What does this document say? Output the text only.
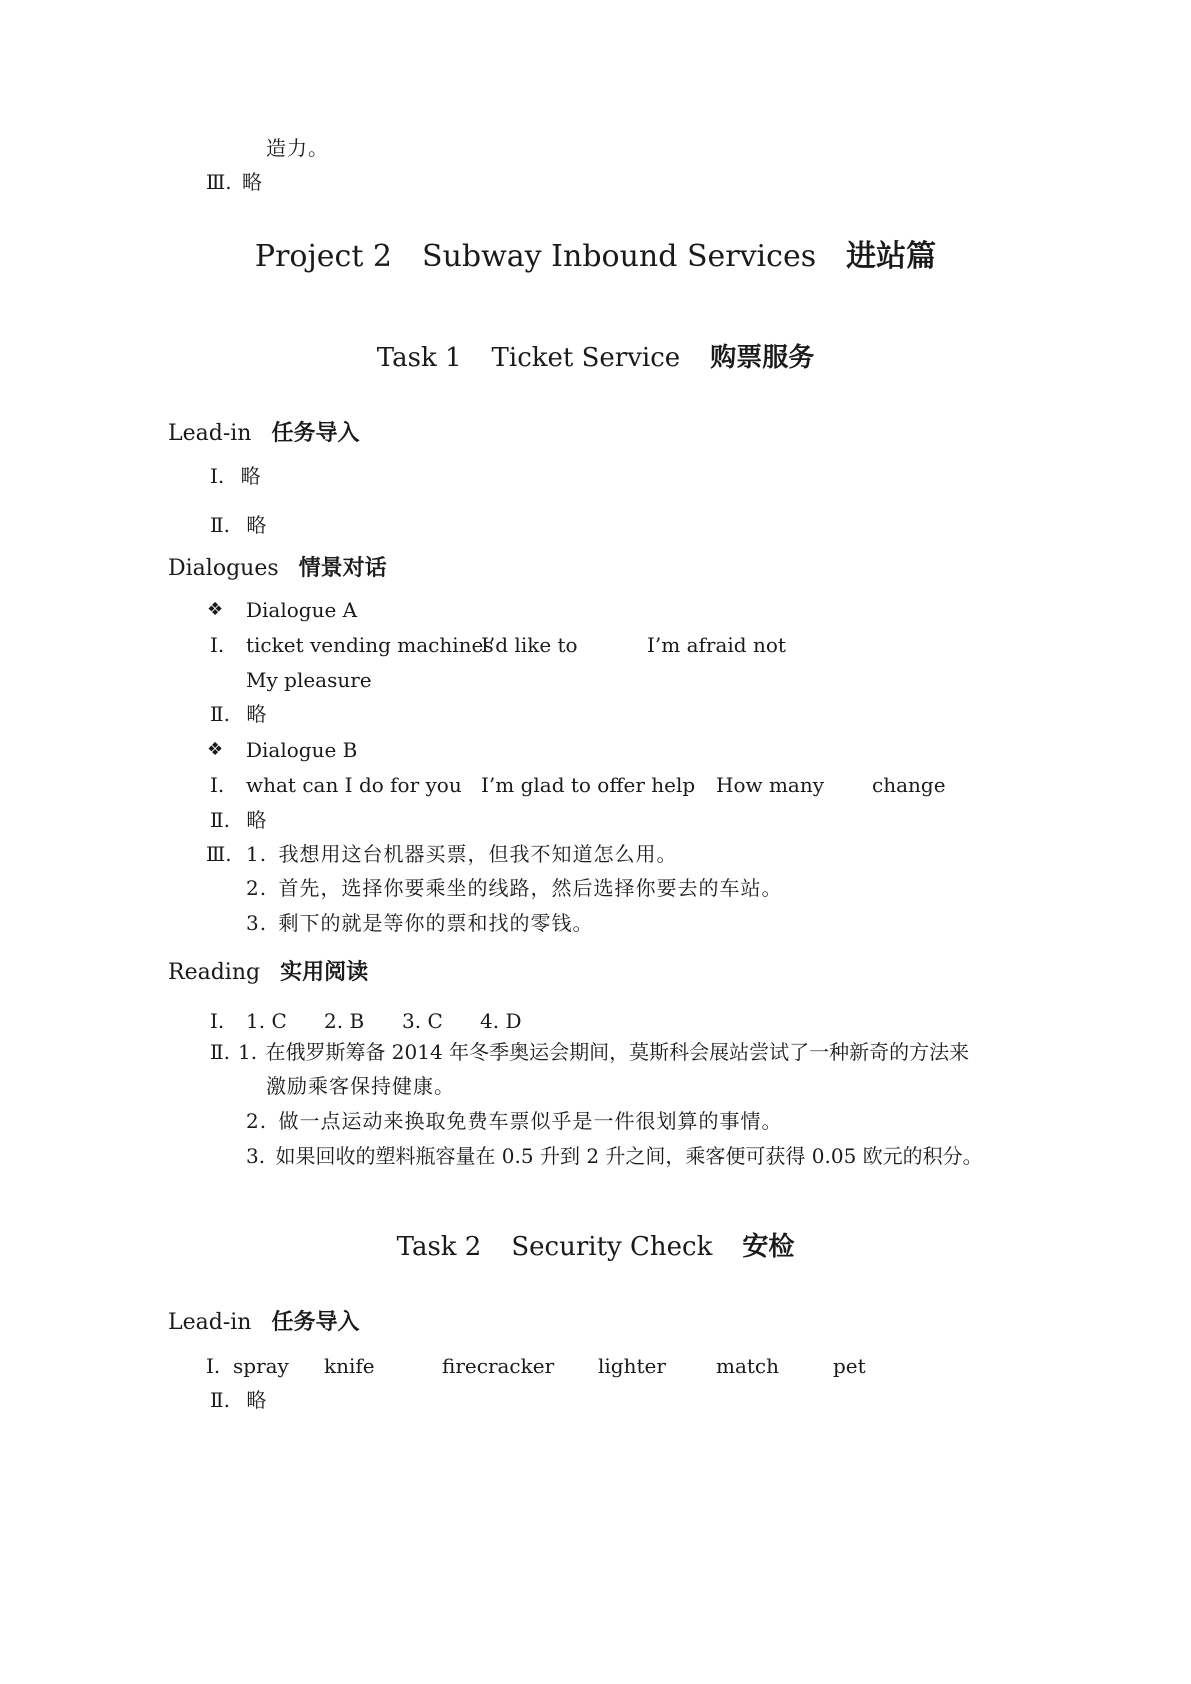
造力。
Ⅲ. 略
Project 2 Subway Inbound Services 进站篇
Task 1 Ticket Service 购票服务
Lead-in 任务导入
Ⅰ. 略
Ⅱ. 略
Dialogues 情景对话
❖ Dialogue A
Ⅰ. ticket vending machines
I’d like to	I’m afraid not
My pleasure
Ⅱ. 略
❖ Dialogue B
Ⅰ. what can I do for you I’m glad to offer help How many change
Ⅱ. 略
Ⅲ. 1. 我想用这台机器买票，但我不知道怎么用。
2. 首先，选择你要乘坐的线路，然后选择你要去的车站。
3. 剩下的就是等你的票和找的零钱。
Reading 实用阅读
Ⅰ. 1. C 2. B 3. C 4. D
Ⅱ. 1. 在俄罗斯筹备 2014 年冬季奥运会期间，莫斯科会展站尝试了一种新奇的方法来
激励乘客保持健康。
2. 做一点运动来换取免费车票似乎是一件很划算的事情。
3. 如果回收的塑料瓶容量在 0.5 升到 2 升之间，乘客便可获得 0.05 欧元的积分。
Task 2 Security Check 安检
Lead-in 任务导入
I. spray knife	firecracker lighter	match	pet
Ⅱ. 略
